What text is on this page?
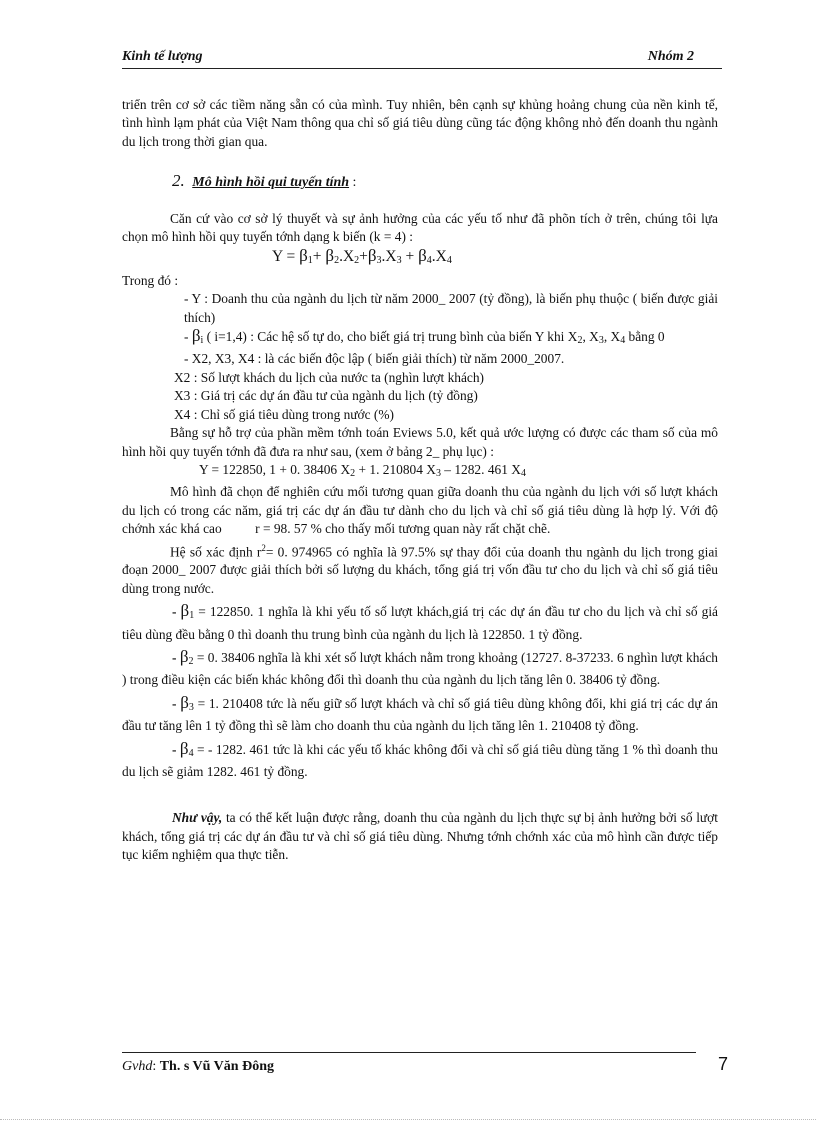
Kinh tế lượng	Nhóm 2

triển trên cơ sở các tiềm năng sẵn có của mình. Tuy nhiên, bên cạnh sự khủng hoảng chung của nền kinh tế, tình hình lạm phát của Việt Nam thông qua chỉ số giá tiêu dùng cũng tác động không nhỏ đến doanh thu ngành du lịch trong thời gian qua.

2. Mô hình hồi qui tuyến tính :

Căn cứ vào cơ sở lý thuyết và sự ảnh hưởng của các yếu tố như đã phõn tích ở trên, chúng tôi lựa chọn mô hình hồi quy tuyến tớnh dạng k biến (k = 4) :

$Y = \beta_1+ \beta_2.X_2+\beta_3.X_3 + \beta_4.X_4$

Trong đó :

- Y : Doanh thu của ngành du lịch từ năm 2000_ 2007 (tỷ đồng), là biến phụ thuộc ( biến được giải thích)

- $\beta_i$ ( i=1,4) : Các hệ số tự do, cho biết giá trị trung bình của biến Y khi $X_2$, $X_3$, $X_4$ bằng 0

- X2, X3, X4 : là các biến độc lập ( biến giải thích) từ năm 2000_2007.

X2 : Số lượt khách du lịch của nước ta (nghìn lượt khách)

X3 : Giá trị các dự án đầu tư của ngành du lịch (tỷ đồng)

X4 : Chỉ số giá tiêu dùng trong nước (%)

Bằng sự hỗ trợ của phần mềm tớnh toán Eviews 5.0, kết quả ước lượng có được các tham số của mô hình hồi quy tuyến tớnh đã đưa ra như sau, (xem ở bảng 2_ phụ lục) :

Y = 122850, 1 + 0. 38406 $X_2 + 1$. 210804 $X_3 - 1282$. 461 $X_4$

Mô hình đã chọn để nghiên cứu mối tương quan giữa doanh thu của ngành du lịch với số lượt khách du lịch có trong các năm, giá trị các dự án đầu tư dành cho du lịch và chỉ số giá tiêu dùng là hợp lý. Với độ chớnh xác khá cao   r = 98. 57 % cho thấy mối tương quan này rất chặt chẽ.

Hệ số xác định $r^2= 0$. 974965 có nghĩa là 97.5% sự thay đổi của doanh thu ngành du lịch trong giai đoạn 2000_ 2007 được giải thích bởi số lượng du khách, tổng giá trị vốn đầu tư cho du lịch và chỉ số giá tiêu dùng trong nước.

- $\beta_1 = 122850$. 1 nghĩa là khi yếu tố số lượt khách,giá trị các dự án đầu tư cho du lịch và chỉ số giá tiêu dùng đều bằng 0 thì doanh thu trung bình của ngành du lịch là 122850. 1 tỷ đồng.

- $\beta_2 = 0$. 38406 nghĩa là khi xét số lượt khách nằm trong khoảng (12727. 8-37233. 6 nghìn lượt khách ) trong điều kiện các biến khác không đổi thì doanh thu của ngành du lịch tăng lên 0. 38406 tỷ đồng.

- $\beta_3 = 1$. 210408 tức là nếu giữ số lượt khách và chỉ số giá tiêu dùng không đổi, khi giá trị các dự án đầu tư tăng lên 1 tỷ đồng thì sẽ làm cho doanh thu của ngành du lịch tăng lên 1. 210408 tỷ đồng.

- $\beta_4$ = - 1282. 461 tức là khi các yếu tố khác không đổi và chỉ số giá tiêu dùng tăng 1 % thì doanh thu du lịch sẽ giảm 1282. 461 tỷ đồng.

Như vậy, ta có thể kết luận được rằng, doanh thu của ngành du lịch thực sự bị ảnh hưởng bởi số lượt khách, tổng giá trị các dự án đầu tư và chỉ số giá tiêu dùng. Nhưng tớnh chớnh xác của mô hình cần được tiếp tục kiểm nghiệm qua thực tiễn.

Gvhd: Th. s Vũ Văn Đông	7
